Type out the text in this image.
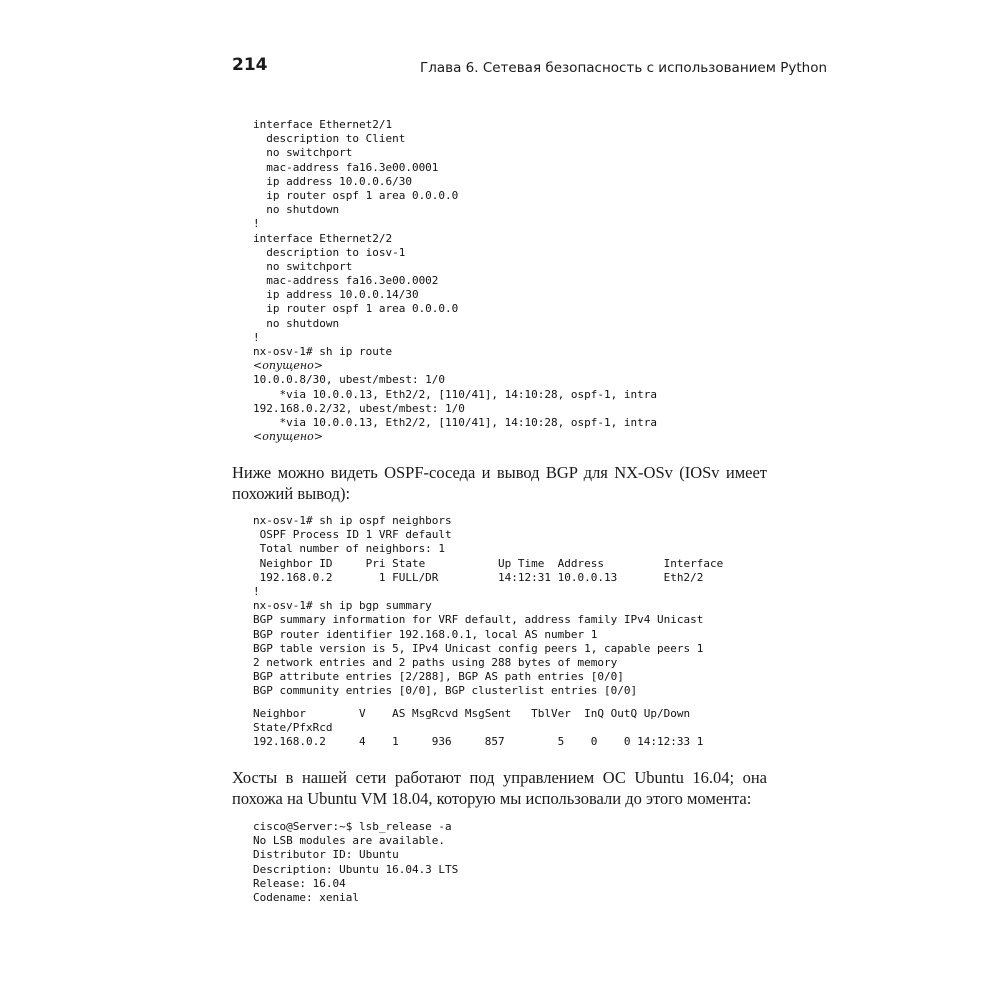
214	Глава 6. Сетевая безопасность с использованием Python
interface Ethernet2/1
description to Client
no switchport
mac-address fa16.3e00.0001
ip address 10.0.0.6/30
ip router ospf 1 area 0.0.0.0
no shutdown
!
interface Ethernet2/2
description to iosv-1
no switchport
mac-address fa16.3e00.0002
ip address 10.0.0.14/30
ip router ospf 1 area 0.0.0.0
no shutdown
!
nx-osv-1# sh ip route
<опущено>
10.0.0.8/30, ubest/mbest: 1/0
*via 10.0.0.13, Eth2/2, [110/41], 14:10:28, ospf-1, intra
192.168.0.2/32, ubest/mbest: 1/0
*via 10.0.0.13, Eth2/2, [110/41], 14:10:28, ospf-1, intra
<опущено>

Ниже можно видеть OSPF-соседа и вывод BGP для NX-OSv (IOSv имеет похожий вывод):

nx-osv-1# sh ip ospf neighbors
OSPF Process ID 1 VRF default
Total number of neighbors: 1
Neighbor ID     Pri State           Up Time  Address         Interface
192.168.0.2       1 FULL/DR         14:12:31 10.0.0.13       Eth2/2
!
nx-osv-1# sh ip bgp summary
BGP summary information for VRF default, address family IPv4 Unicast
BGP router identifier 192.168.0.1, local AS number 1
BGP table version is 5, IPv4 Unicast config peers 1, capable peers 1
2 network entries and 2 paths using 288 bytes of memory
BGP attribute entries [2/288], BGP AS path entries [0/0]
BGP community entries [0/0], BGP clusterlist entries [0/0]
Neighbor        V    AS MsgRcvd MsgSent   TblVer  InQ OutQ Up/Down
State/PfxRcd
192.168.0.2     4    1     936     857        5    0    0 14:12:33 1

Хосты в нашей сети работают под управлением ОС Ubuntu 16.04; она похожа на Ubuntu VM 18.04, которую мы использовали до этого момента:

cisco@Server:~$ lsb_release -a
No LSB modules are available.
Distributor ID: Ubuntu
Description: Ubuntu 16.04.3 LTS
Release: 16.04
Codename: xenial
